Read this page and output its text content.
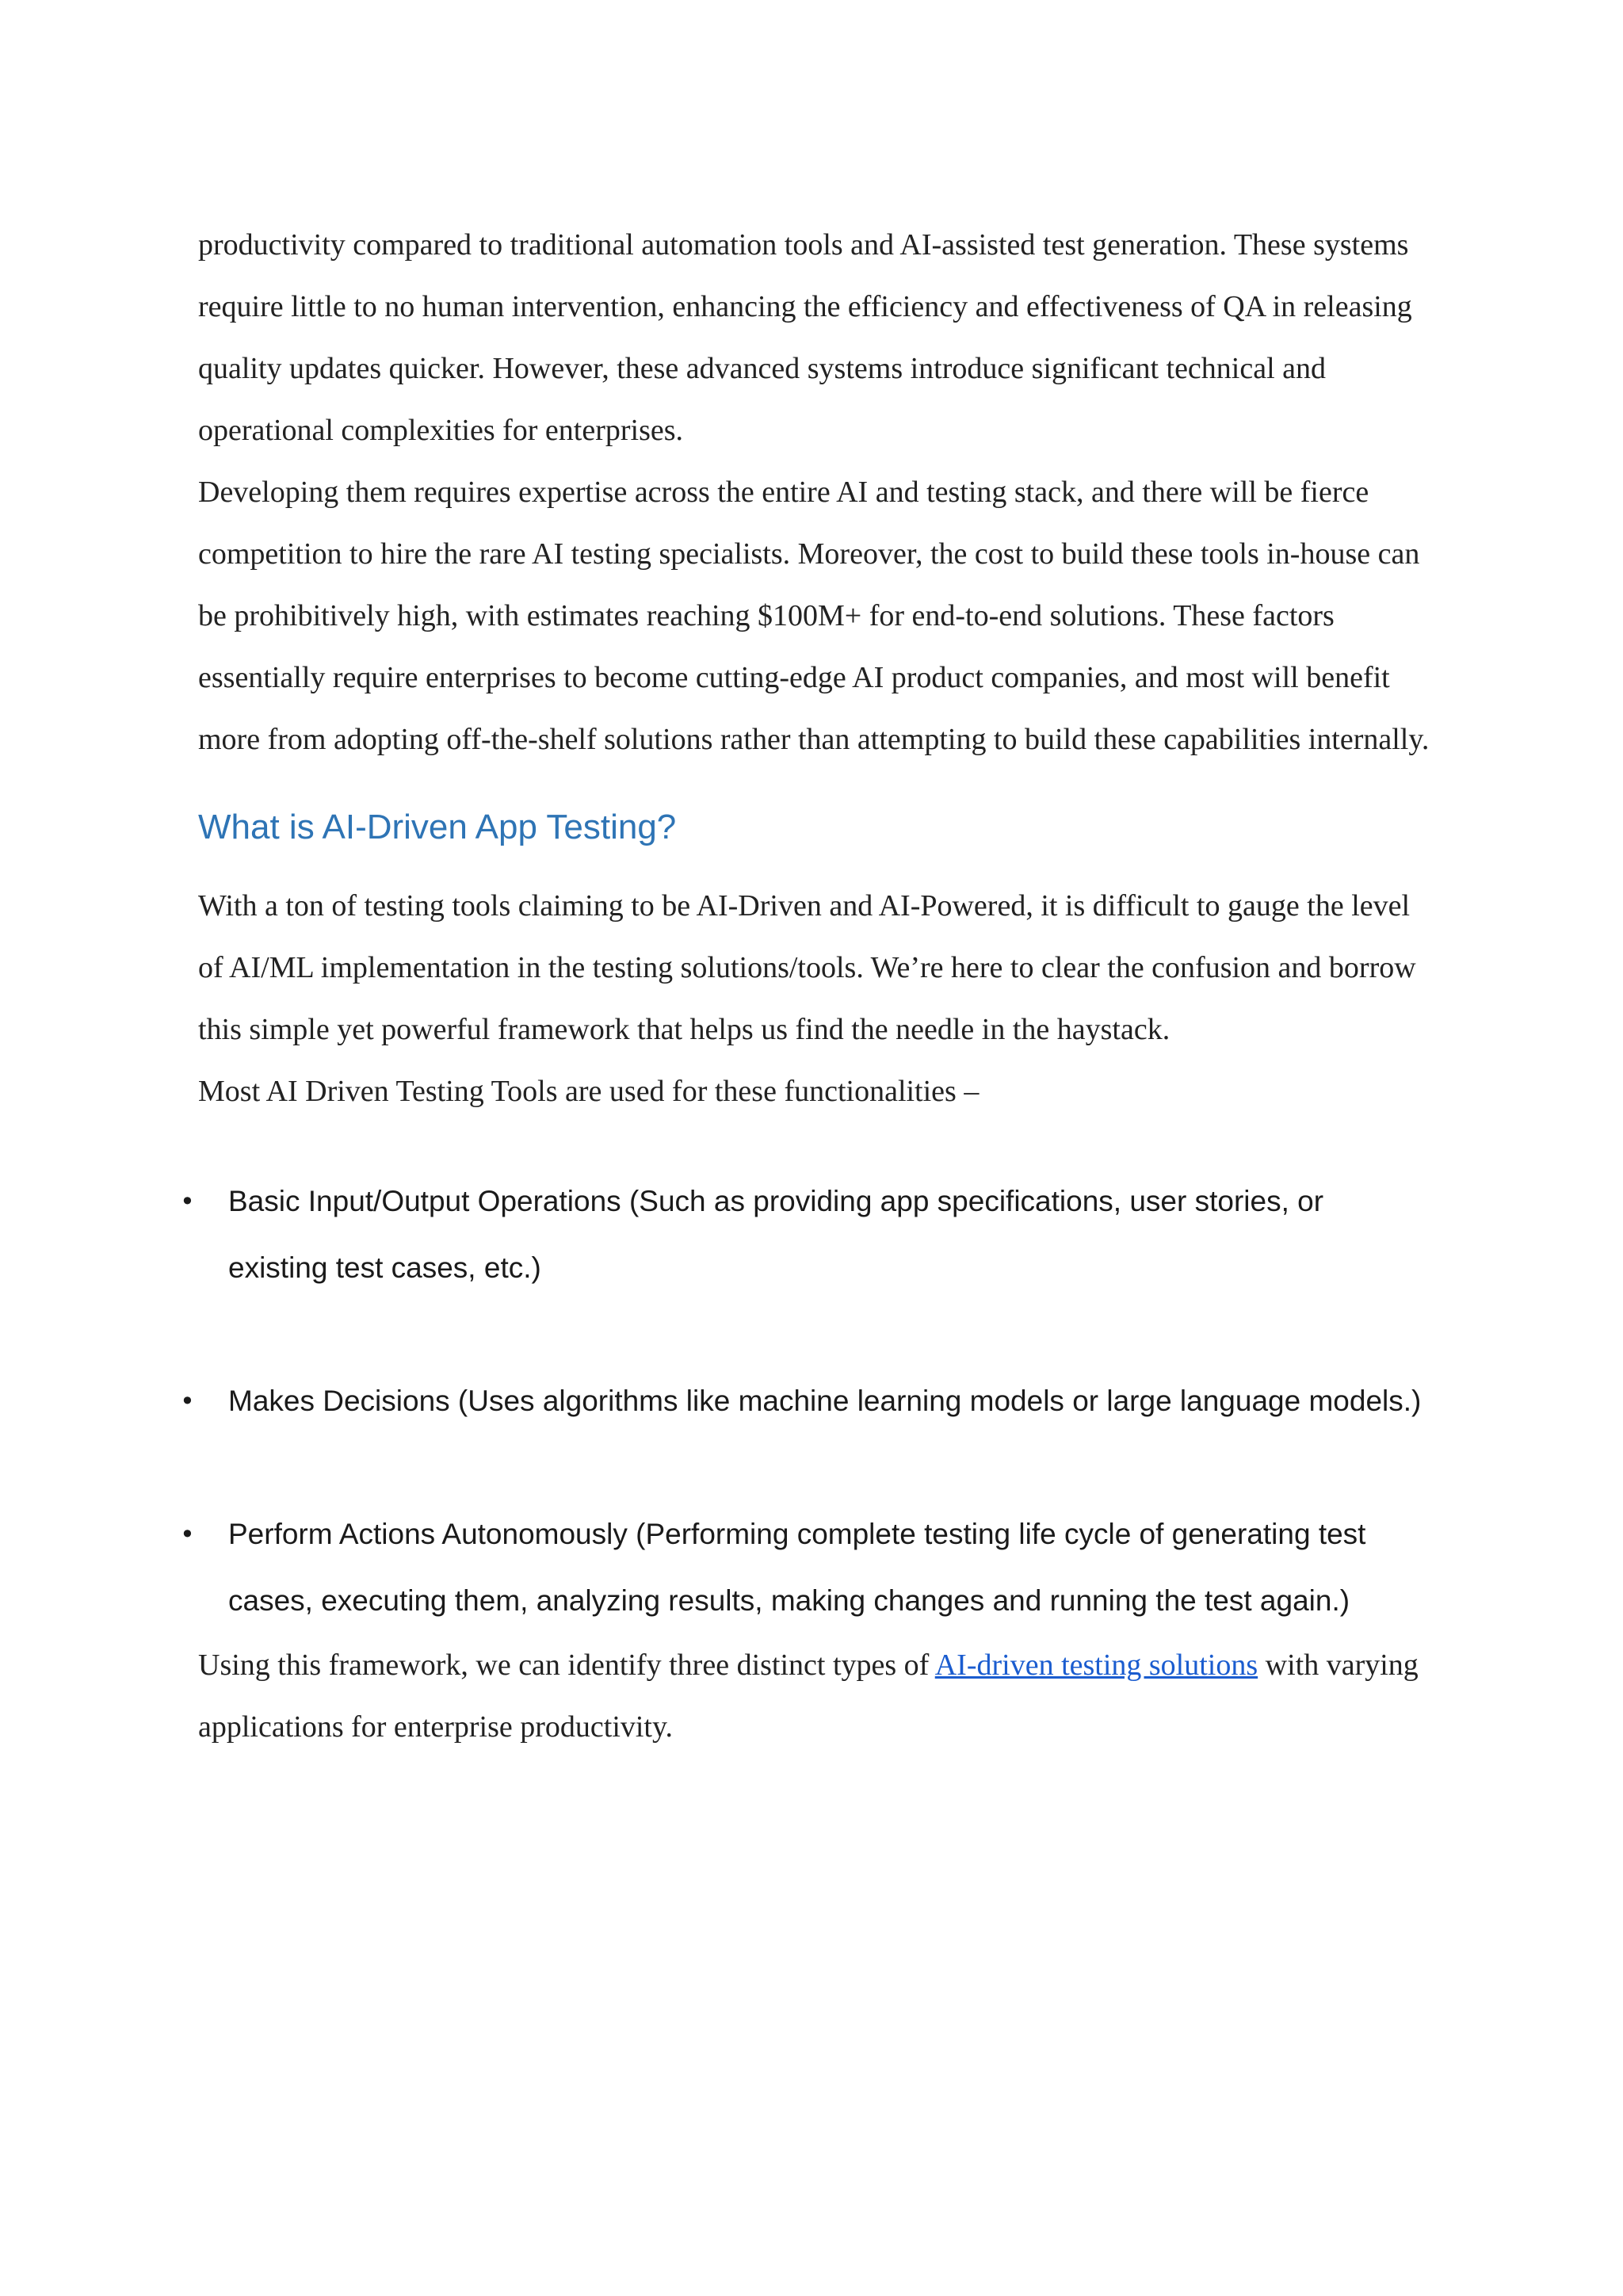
productivity compared to traditional automation tools and AI-assisted test generation. These systems require little to no human intervention, enhancing the efficiency and effectiveness of QA in releasing quality updates quicker. However, these advanced systems introduce significant technical and operational complexities for enterprises.

Developing them requires expertise across the entire AI and testing stack, and there will be fierce competition to hire the rare AI testing specialists. Moreover, the cost to build these tools in-house can be prohibitively high, with estimates reaching $100M+ for end-to-end solutions. These factors essentially require enterprises to become cutting-edge AI product companies, and most will benefit more from adopting off-the-shelf solutions rather than attempting to build these capabilities internally.

What is AI-Driven App Testing?

With a ton of testing tools claiming to be AI-Driven and AI-Powered, it is difficult to gauge the level of AI/ML implementation in the testing solutions/tools. We’re here to clear the confusion and borrow this simple yet powerful framework that helps us find the needle in the haystack.

Most AI Driven Testing Tools are used for these functionalities –

• Basic Input/Output Operations (Such as providing app specifications, user stories, or existing test cases, etc.)
• Makes Decisions (Uses algorithms like machine learning models or large language models.)
• Perform Actions Autonomously (Performing complete testing life cycle of generating test cases, executing them, analyzing results, making changes and running the test again.)

Using this framework, we can identify three distinct types of AI-driven testing solutions with varying applications for enterprise productivity.
